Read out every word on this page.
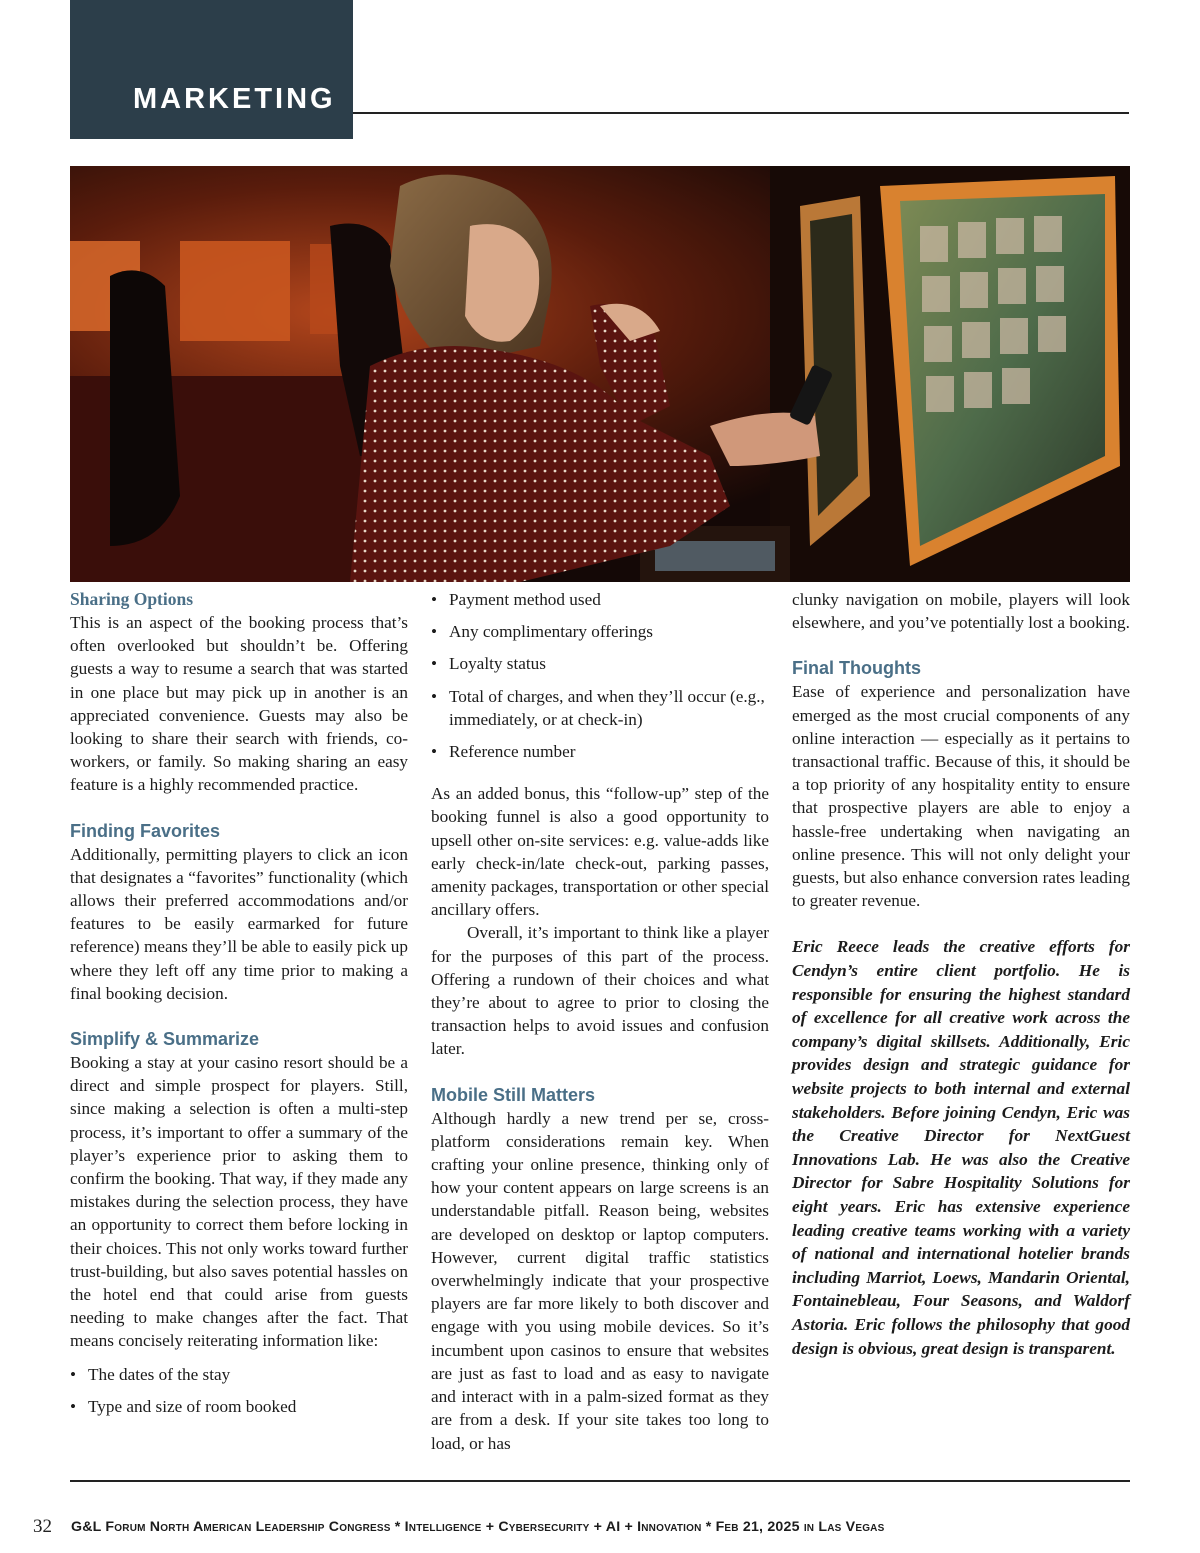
MARKETING

Sharing Options

This is an aspect of the booking process that’s often overlooked but shouldn’t be. Offering guests a way to resume a search that was started in one place but may pick up in another is an appreciated convenience. Guests may also be looking to share their search with friends, co-workers, or family. So making sharing an easy feature is a highly recommended practice.

Finding Favorites

Additionally, permitting players to click an icon that designates a “favorites” functionality (which allows their preferred accommodations and/or features to be easily earmarked for future reference) means they’ll be able to easily pick up where they left off any time prior to making a final booking decision.

Simplify & Summarize

Booking a stay at your casino resort should be a direct and simple prospect for players. Still, since making a selection is often a multi-step process, it’s important to offer a summary of the player’s experience prior to asking them to confirm the booking. That way, if they made any mistakes during the selection process, they have an opportunity to correct them before locking in their choices. This not only works toward further trust-building, but also saves potential hassles on the hotel end that could arise from guests needing to make changes after the fact. That means concisely reiterating information like:

• The dates of the stay
• Type and size of room booked
• Payment method used
• Any complimentary offerings
• Loyalty status
• Total of charges, and when they’ll occur (e.g., immediately, or at check-in)
• Reference number

As an added bonus, this “follow-up” step of the booking funnel is also a good opportunity to upsell other on-site services: e.g. value-adds like early check-in/late check-out, parking passes, amenity packages, transportation or other special ancillary offers.

Overall, it’s important to think like a player for the purposes of this part of the process. Offering a rundown of their choices and what they’re about to agree to prior to closing the transaction helps to avoid issues and confusion later.

Mobile Still Matters

Although hardly a new trend per se, cross-platform considerations remain key. When crafting your online presence, thinking only of how your content appears on large screens is an understandable pitfall. Reason being, websites are developed on desktop or laptop computers. However, current digital traffic statistics overwhelmingly indicate that your prospective players are far more likely to both discover and engage with you using mobile devices. So it’s incumbent upon casinos to ensure that websites are just as fast to load and as easy to navigate and interact with in a palm-sized format as they are from a desk. If your site takes too long to load, or has

clunky navigation on mobile, players will look elsewhere, and you’ve potentially lost a booking.

Final Thoughts

Ease of experience and personalization have emerged as the most crucial components of any online interaction — especially as it pertains to transactional traffic. Because of this, it should be a top priority of any hospitality entity to ensure that prospective players are able to enjoy a hassle-free undertaking when navigating an online presence. This will not only delight your guests, but also enhance conversion rates leading to greater revenue.

Eric Reece leads the creative efforts for Cendyn’s entire client portfolio. He is responsible for ensuring the highest standard of excellence for all creative work across the company’s digital skillsets. Additionally, Eric provides design and strategic guidance for website projects to both internal and external stakeholders. Before joining Cendyn, Eric was the Creative Director for NextGuest Innovations Lab. He was also the Creative Director for Sabre Hospitality Solutions for eight years. Eric has extensive experience leading creative teams working with a variety of national and international hotelier brands including Marriot, Loews, Mandarin Oriental, Fontainebleau, Four Seasons, and Waldorf Astoria. Eric follows the philosophy that good design is obvious, great design is transparent.

32 G&L Forum North American Leadership Congress * Intelligence + Cybersecurity + AI + Innovation * Feb 21, 2025 in Las Vegas
